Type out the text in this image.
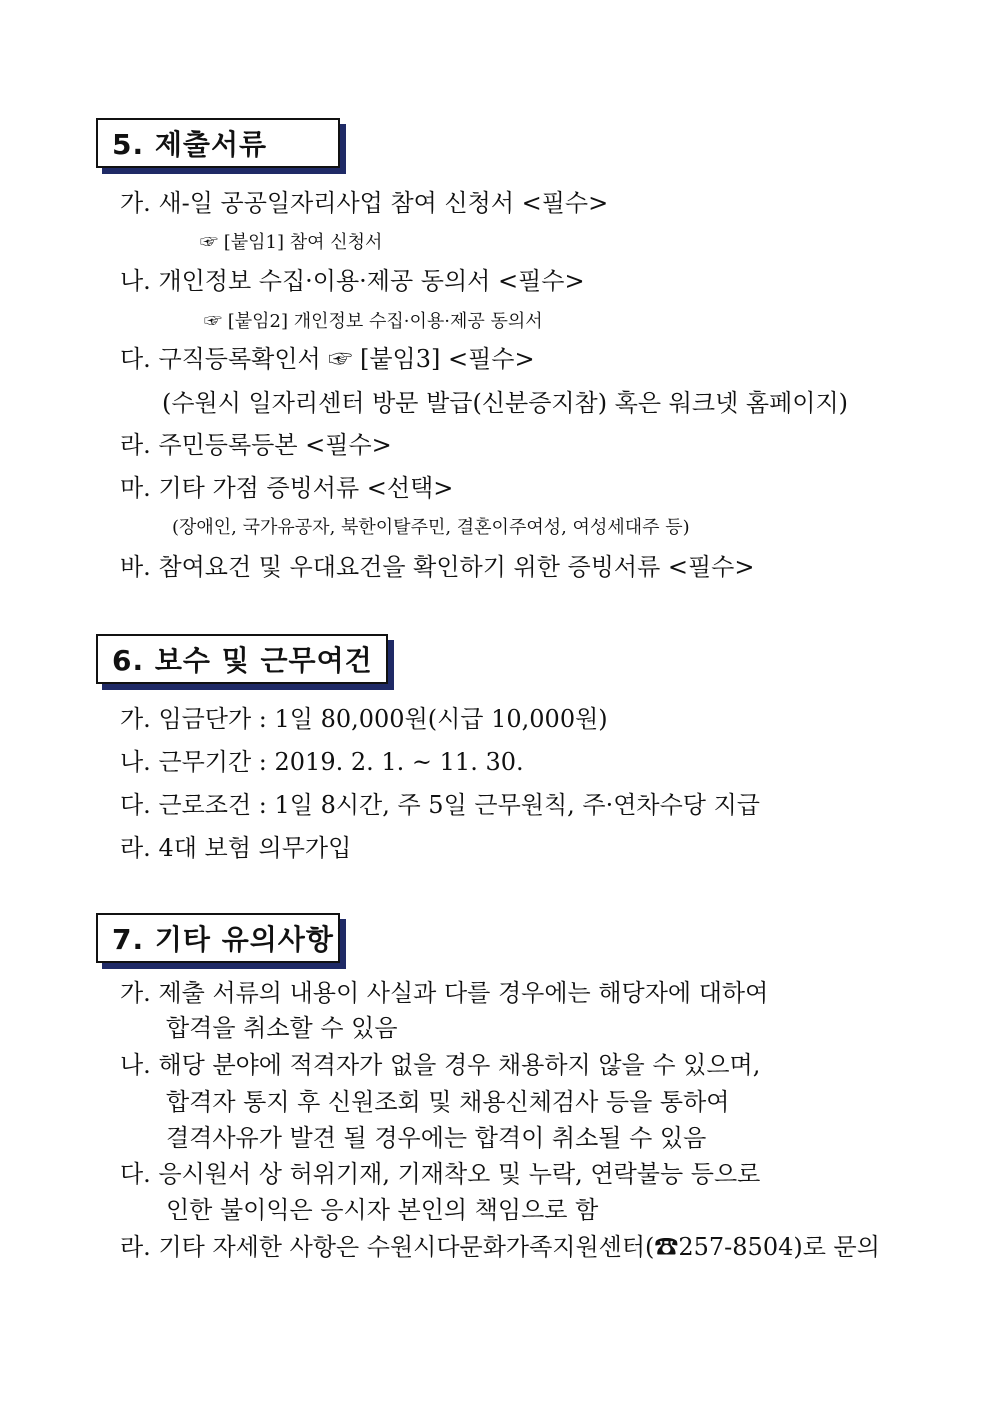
5. 제출서류
가. 새-일 공공일자리사업 참여 신청서 <필수>
☞ [붙임1] 참여 신청서
나. 개인정보 수집·이용·제공 동의서 <필수>
☞ [붙임2] 개인정보 수집·이용·제공 동의서
다. 구직등록확인서 ☞ [붙임3] <필수>
(수원시 일자리센터 방문 발급(신분증지참) 혹은 워크넷 홈페이지)
라. 주민등록등본 <필수>
마. 기타 가점 증빙서류 <선택>
(장애인, 국가유공자, 북한이탈주민, 결혼이주여성, 여성세대주 등)
바. 참여요건 및 우대요건을 확인하기 위한 증빙서류 <필수>
6. 보수 및 근무여건
가. 임금단가 : 1일 80,000원(시급 10,000원)
나. 근무기간 : 2019. 2. 1. ~ 11. 30.
다. 근로조건 : 1일 8시간, 주 5일 근무원칙, 주·연차수당 지급
라. 4대 보험 의무가입
7. 기타 유의사항
가. 제출 서류의 내용이 사실과 다를 경우에는 해당자에 대하여
합격을 취소할 수 있음
나. 해당 분야에 적격자가 없을 경우 채용하지 않을 수 있으며,
합격자 통지 후 신원조회 및 채용신체검사 등을 통하여
결격사유가 발견 될 경우에는 합격이 취소될 수 있음
다. 응시원서 상 허위기재, 기재착오 및 누락, 연락불능 등으로
인한 불이익은 응시자 본인의 책임으로 함
라. 기타 자세한 사항은 수원시다문화가족지원센터(☎257-8504)로 문의
